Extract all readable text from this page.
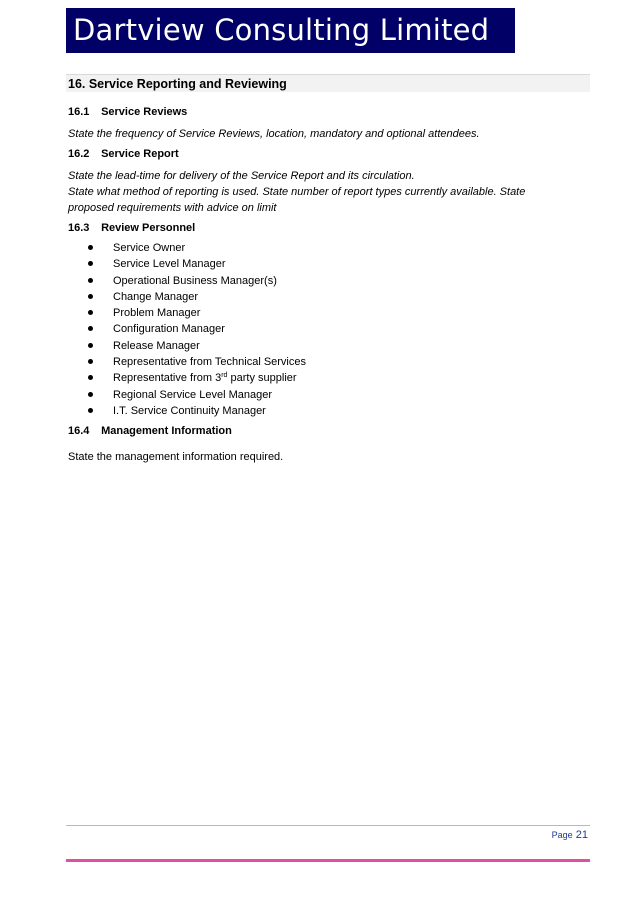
Dartview Consulting Limited
16. Service Reporting and Reviewing
16.1 Service Reviews

State the frequency of Service Reviews, location, mandatory and optional attendees.

16.2 Service Report
State the lead-time for delivery of the Service Report and its circulation.
State what method of reporting is used. State number of report types currently available. State
proposed requirements with advice on limit
16.3 Review Personnel
Service Owner
Service Level Manager
Operational Business Manager(s)
Change Manager
Problem Manager
Configuration Manager
Release Manager
Representative from Technical Services
Representative from 3rd party supplier
Regional Service Level Manager
I.T. Service Continuity Manager
16.4 Management Information

State the management information required.

Page 21
